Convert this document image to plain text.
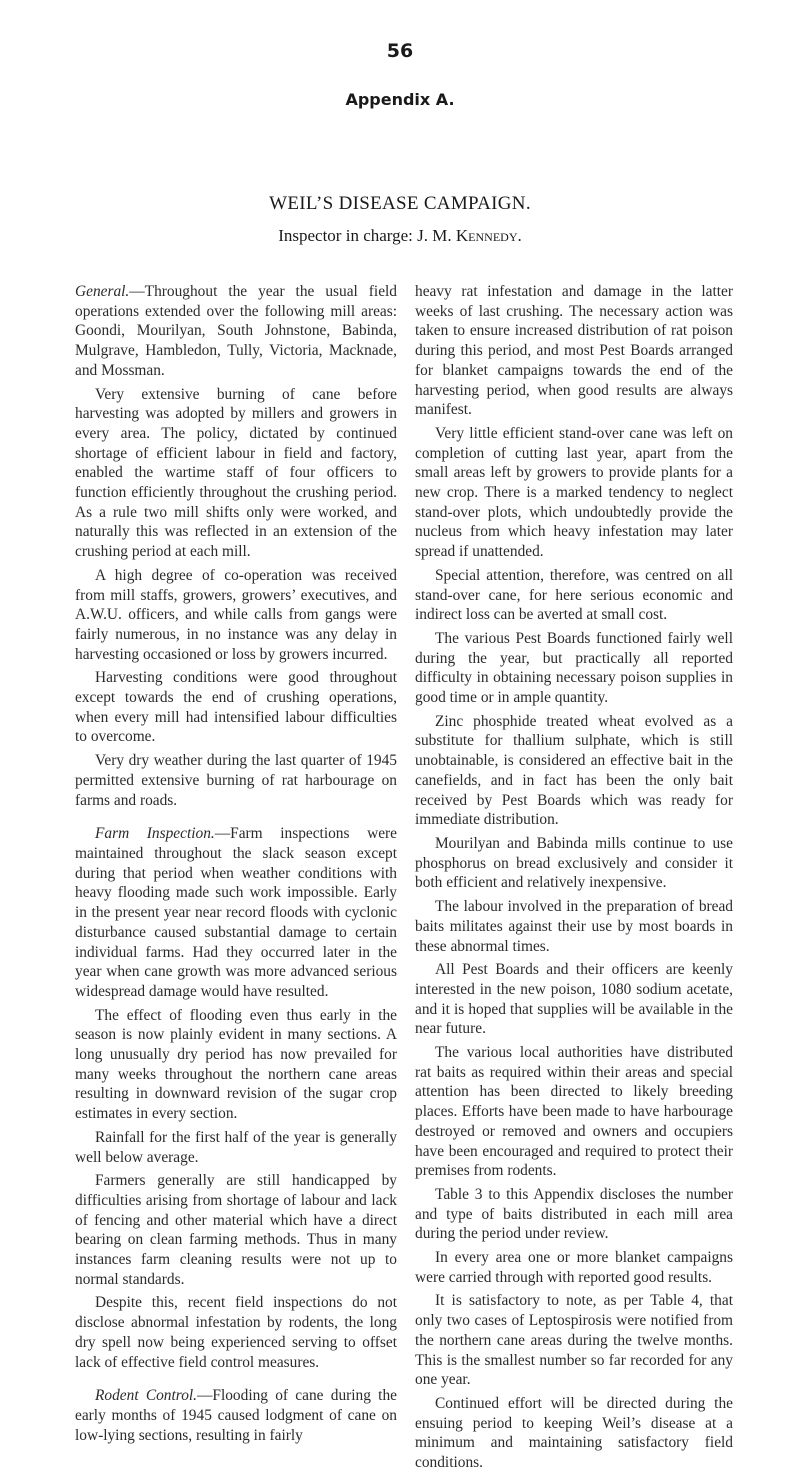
56
Appendix A.
WEIL’S DISEASE CAMPAIGN.
Inspector in charge: J. M. Kennedy.

General.—Throughout the year the usual field operations extended over the following mill areas: Goondi, Mourilyan, South Johnstone, Babinda, Mulgrave, Hambledon, Tully, Victoria, Macknade, and Mossman.

Very extensive burning of cane before harvesting was adopted by millers and growers in every area. The policy, dictated by continued shortage of efficient labour in field and factory, enabled the wartime staff of four officers to function efficiently throughout the crushing period. As a rule two mill shifts only were worked, and naturally this was reflected in an extension of the crushing period at each mill.

A high degree of co-operation was received from mill staffs, growers, growers’ executives, and A.W.U. officers, and while calls from gangs were fairly numerous, in no instance was any delay in harvesting occasioned or loss by growers incurred.

Harvesting conditions were good throughout except towards the end of crushing operations, when every mill had intensified labour difficulties to overcome.

Very dry weather during the last quarter of 1945 permitted extensive burning of rat harbourage on farms and roads.

Farm Inspection.—Farm inspections were maintained throughout the slack season except during that period when weather conditions with heavy flooding made such work impossible. Early in the present year near record floods with cyclonic disturbance caused substantial damage to certain individual farms. Had they occurred later in the year when cane growth was more advanced serious widespread damage would have resulted.

The effect of flooding even thus early in the season is now plainly evident in many sections. A long unusually dry period has now prevailed for many weeks throughout the northern cane areas resulting in downward revision of the sugar crop estimates in every section.

Rainfall for the first half of the year is generally well below average.

Farmers generally are still handicapped by difficulties arising from shortage of labour and lack of fencing and other material which have a direct bearing on clean farming methods. Thus in many instances farm cleaning results were not up to normal standards.

Despite this, recent field inspections do not disclose abnormal infestation by rodents, the long dry spell now being experienced serving to offset lack of effective field control measures.

Rodent Control.—Flooding of cane during the early months of 1945 caused lodgment of cane on low-lying sections, resulting in fairly

heavy rat infestation and damage in the latter weeks of last crushing. The necessary action was taken to ensure increased distribution of rat poison during this period, and most Pest Boards arranged for blanket campaigns towards the end of the harvesting period, when good results are always manifest.

Very little efficient stand-over cane was left on completion of cutting last year, apart from the small areas left by growers to provide plants for a new crop. There is a marked tendency to neglect stand-over plots, which undoubtedly provide the nucleus from which heavy infestation may later spread if unattended.

Special attention, therefore, was centred on all stand-over cane, for here serious economic and indirect loss can be averted at small cost.

The various Pest Boards functioned fairly well during the year, but practically all reported difficulty in obtaining necessary poison supplies in good time or in ample quantity.

Zinc phosphide treated wheat evolved as a substitute for thallium sulphate, which is still unobtainable, is considered an effective bait in the canefields, and in fact has been the only bait received by Pest Boards which was ready for immediate distribution.

Mourilyan and Babinda mills continue to use phosphorus on bread exclusively and consider it both efficient and relatively inexpensive.

The labour involved in the preparation of bread baits militates against their use by most boards in these abnormal times.

All Pest Boards and their officers are keenly interested in the new poison, 1080 sodium acetate, and it is hoped that supplies will be available in the near future.

The various local authorities have distributed rat baits as required within their areas and special attention has been directed to likely breeding places. Efforts have been made to have harbourage destroyed or removed and owners and occupiers have been encouraged and required to protect their premises from rodents.

Table 3 to this Appendix discloses the number and type of baits distributed in each mill area during the period under review.

In every area one or more blanket campaigns were carried through with reported good results.

It is satisfactory to note, as per Table 4, that only two cases of Leptospirosis were notified from the northern cane areas during the twelve months. This is the smallest number so far recorded for any one year.

Continued effort will be directed during the ensuing period to keeping Weil’s disease at a minimum and maintaining satisfactory field conditions.
